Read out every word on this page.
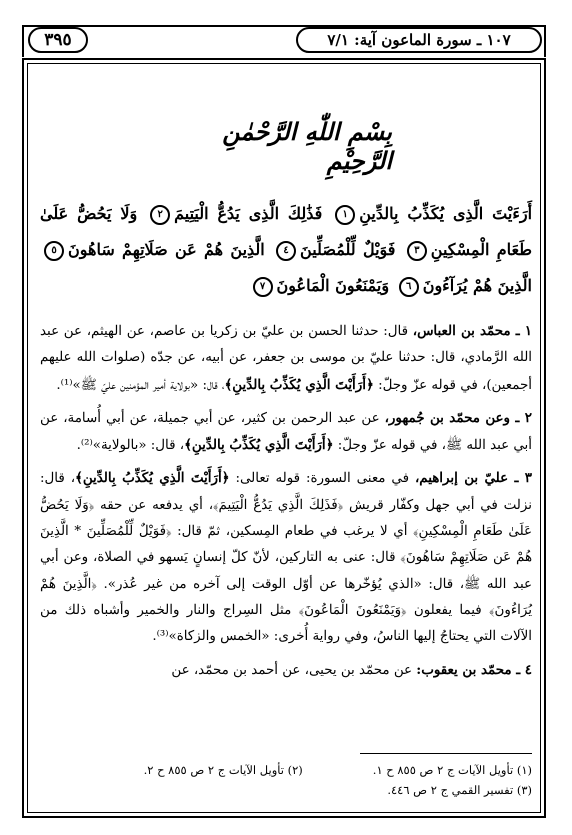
٣٩٥	١٠٧ ـ سورة الماعون آية: ٧/١
بِسْمِ اللّٰهِ الرَّحْمٰنِ الرَّحِيْمِ
أَرَءَيْتَ الَّذِى يُكَذِّبُ بِالدِّينِ١ فَذَٰلِكَ الَّذِى يَدُعُّ الْيَتِيمَ٢ وَلَا يَحُضُّ عَلَىٰ طَعَامِ الْمِسْكِينِ٣ فَوَيْلٌ لِّلْمُصَلِّينَ٤ الَّذِينَ هُمْ عَن صَلَاتِهِمْ سَاهُونَ٥ الَّذِينَ هُمْ يُرَآءُونَ٦ وَيَمْنَعُونَ الْمَاعُونَ٧

١ ـ محمّد بن العباس، قال: حدثنا الحسن بن عليّ بن زكريا بن عاصم، عن الهيثم، عن عبد الله الرَّمادي، قال: حدثنا عليّ بن موسى بن جعفر، عن أبيه، عن جدّه (صلوات الله عليهم أجمعين)، في قوله عزّ وجلّ: ﴿أَرَأَيْتَ الَّذِي يُكَذِّبُ بِالدِّينِ﴾، قال: «بولاية أمير المؤمنين عليّ ﷺ»⁽¹⁾.

٢ ـ وعن محمّد بن جُمهور، عن عبد الرحمن بن كثير، عن أبي جميلة، عن أبي أُسامة، عن أبي عبد الله ﷺ، في قوله عزّ وجلّ: ﴿أَرَأَيْتَ الَّذِي يُكَذِّبُ بِالدِّينِ﴾، قال: «بالولاية»⁽²⁾.

٣ ـ عليّ بن إبراهيم، في معنى السورة: قوله تعالى: ﴿أَرَأَيْتَ الَّذِي يُكَذِّبُ بِالدِّينِ﴾، قال: نزلت في أبي جهل وكفّار قريش ﴿فَذَلِكَ الَّذِي يَدُعُّ الْيَتِيمَ﴾، أي يدفعه عن حقه ﴿وَلَا يَحُضُّ عَلَىٰ طَعَامِ الْمِسْكِينِ﴾ أي لا يرغب في طعام المِسكين، ثمّ قال: ﴿فَوَيْلٌ لِّلْمُصَلِّينَ * الَّذِينَ هُمْ عَن صَلَاتِهِمْ سَاهُونَ﴾ قال: عنى به التاركين، لأنّ كلّ إنسانٍ يَسهو في الصلاة، وعن أبي عبد الله ﷺ، قال: «الذي يُؤخّرها عن أوّل الوقت إلى آخره من غير عُذر». ﴿الَّذِينَ هُمْ يُرَاءُونَ﴾ فيما يفعلون ﴿وَيَمْنَعُونَ الْمَاعُونَ﴾ مثل السِراج والنار والخمير وأشباه ذلك من الآلات التي يحتاجُ إليها الناسُ، وفي رواية أُخرى: «الخمس والزكاة»⁽³⁾.

٤ ـ محمّد بن يعقوب: عن محمّد بن يحيى، عن أحمد بن محمّد، عن

(١) تأويل الآيات ج ٢ ص ٨٥٥ ح ١.
(٢) تأويل الآيات ج ٢ ص ٨٥٥ ح ٢.
(٣) تفسير القمي ج ٢ ص ٤٤٦.
